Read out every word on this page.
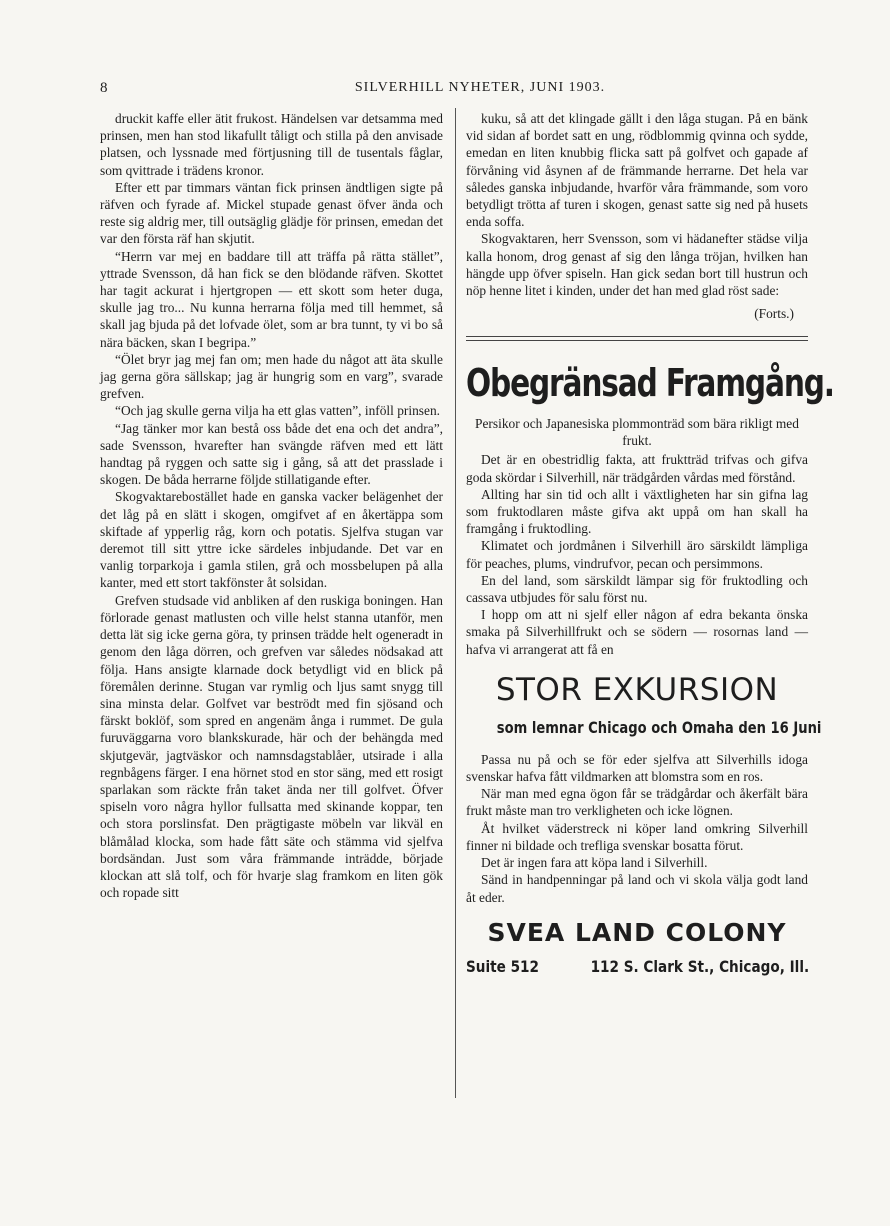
8	SILVERHILL NYHETER, JUNI 1903.

druckit kaffe eller ätit frukost. Händelsen var detsamma med prinsen, men han stod likafullt tåligt och stilla på den anvisade platsen, och lyssnade med förtjusning till de tusentals fåglar, som qvittrade i trädens kronor.

Efter ett par timmars väntan fick prinsen ändtligen sigte på räfven och fyrade af. Mickel stupade genast öfver ända och reste sig aldrig mer, till outsäglig glädje för prinsen, emedan det var den första räf han skjutit.

“Herrn var mej en baddare till att träffa på rätta stället”, yttrade Svensson, då han fick se den blödande räfven. Skottet har tagit ackurat i hjertgropen — ett skott som heter duga, skulle jag tro... Nu kunna herrarna följa med till hemmet, så skall jag bjuda på det lofvade ölet, som ar bra tunnt, ty vi bo så nära bäcken, skan I begripa.”

“Ölet bryr jag mej fan om; men hade du något att äta skulle jag gerna göra sällskap; jag är hungrig som en varg”, svarade grefven.

“Och jag skulle gerna vilja ha ett glas vatten”, inföll prinsen.

“Jag tänker mor kan bestå oss både det ena och det andra”, sade Svensson, hvarefter han svängde räfven med ett lätt handtag på ryggen och satte sig i gång, så att det prasslade i skogen. De båda herrarne följde stillatigande efter.

Skogvaktarebostället hade en ganska vacker belägenhet der det låg på en slätt i skogen, omgifvet af en åkertäppa som skiftade af ypperlig råg, korn och potatis. Sjelfva stugan var deremot till sitt yttre icke särdeles inbjudande. Det var en vanlig torparkoja i gamla stilen, grå och mossbelupen på alla kanter, med ett stort takfönster åt solsidan.

Grefven studsade vid anbliken af den ruskiga boningen. Han förlorade genast matlusten och ville helst stanna utanför, men detta lät sig icke gerna göra, ty prinsen trädde helt ogeneradt in genom den låga dörren, och grefven var således nödsakad att följa. Hans ansigte klarnade dock betydligt vid en blick på föremålen derinne. Stugan var rymlig och ljus samt snygg till sina minsta delar. Golfvet var beströdt med fin sjösand och färskt boklöf, som spred en angenäm ånga i rummet. De gula furuväggarna voro blankskurade, här och der behängda med skjutgevär, jagtväskor och namnsdagstablåer, utsirade i alla regnbågens färger. I ena hörnet stod en stor säng, med ett rosigt sparlakan som räckte från taket ända ner till golfvet. Öfver spiseln voro några hyllor fullsatta med skinande koppar, ten och stora porslinsfat. Den prägtigaste möbeln var likväl en blåmålad klocka, som hade fått säte och stämma vid sjelfva bordsändan. Just som våra främmande inträdde, började klockan att slå tolf, och för hvarje slag framkom en liten gök och ropade sitt

kuku, så att det klingade gällt i den låga stugan. På en bänk vid sidan af bordet satt en ung, rödblommig qvinna och sydde, emedan en liten knubbig flicka satt på golfvet och gapade af förvåning vid åsynen af de främmande herrarne. Det hela var således ganska inbjudande, hvarför våra främmande, som voro betydligt trötta af turen i skogen, genast satte sig ned på husets enda soffa.

Skogvaktaren, herr Svensson, som vi hädanefter städse vilja kalla honom, drog genast af sig den långa tröjan, hvilken han hängde upp öfver spiseln. Han gick sedan bort till hustrun och nöp henne litet i kinden, under det han med glad röst sade:

(Forts.)

Obegränsad Framgång.
Persikor och Japanesiska plommonträd som bära rikligt med frukt.

Det är en obestridlig fakta, att fruktträd trifvas och gifva goda skördar i Silverhill, när trädgården vårdas med förstånd.

Allting har sin tid och allt i växtligheten har sin gifna lag som fruktodlaren måste gifva akt uppå om han skall ha framgång i fruktodling.

Klimatet och jordmånen i Silverhill äro särskildt lämpliga för peaches, plums, vindrufvor, pecan och persimmons.

En del land, som särskildt lämpar sig för fruktodling och cassava utbjudes för salu först nu.

I hopp om att ni sjelf eller någon af edra bekanta önska smaka på Silverhillfrukt och se södern — rosornas land — hafva vi arrangerat att få en

STOR EXKURSION
som lemnar Chicago och Omaha den 16 Juni

Passa nu på och se för eder sjelfva att Silverhills idoga svenskar hafva fått vildmarken att blomstra som en ros.

När man med egna ögon får se trädgårdar och åkerfält bära frukt måste man tro verkligheten och icke lögnen.

Åt hvilket väderstreck ni köper land omkring Silverhill finner ni bildade och trefliga svenskar bosatta förut.

Det är ingen fara att köpa land i Silverhill.

Sänd in handpenningar på land och vi skola välja godt land åt eder.

SVEA LAND COLONY
Suite 512	112 S. Clark St., Chicago, Ill.
